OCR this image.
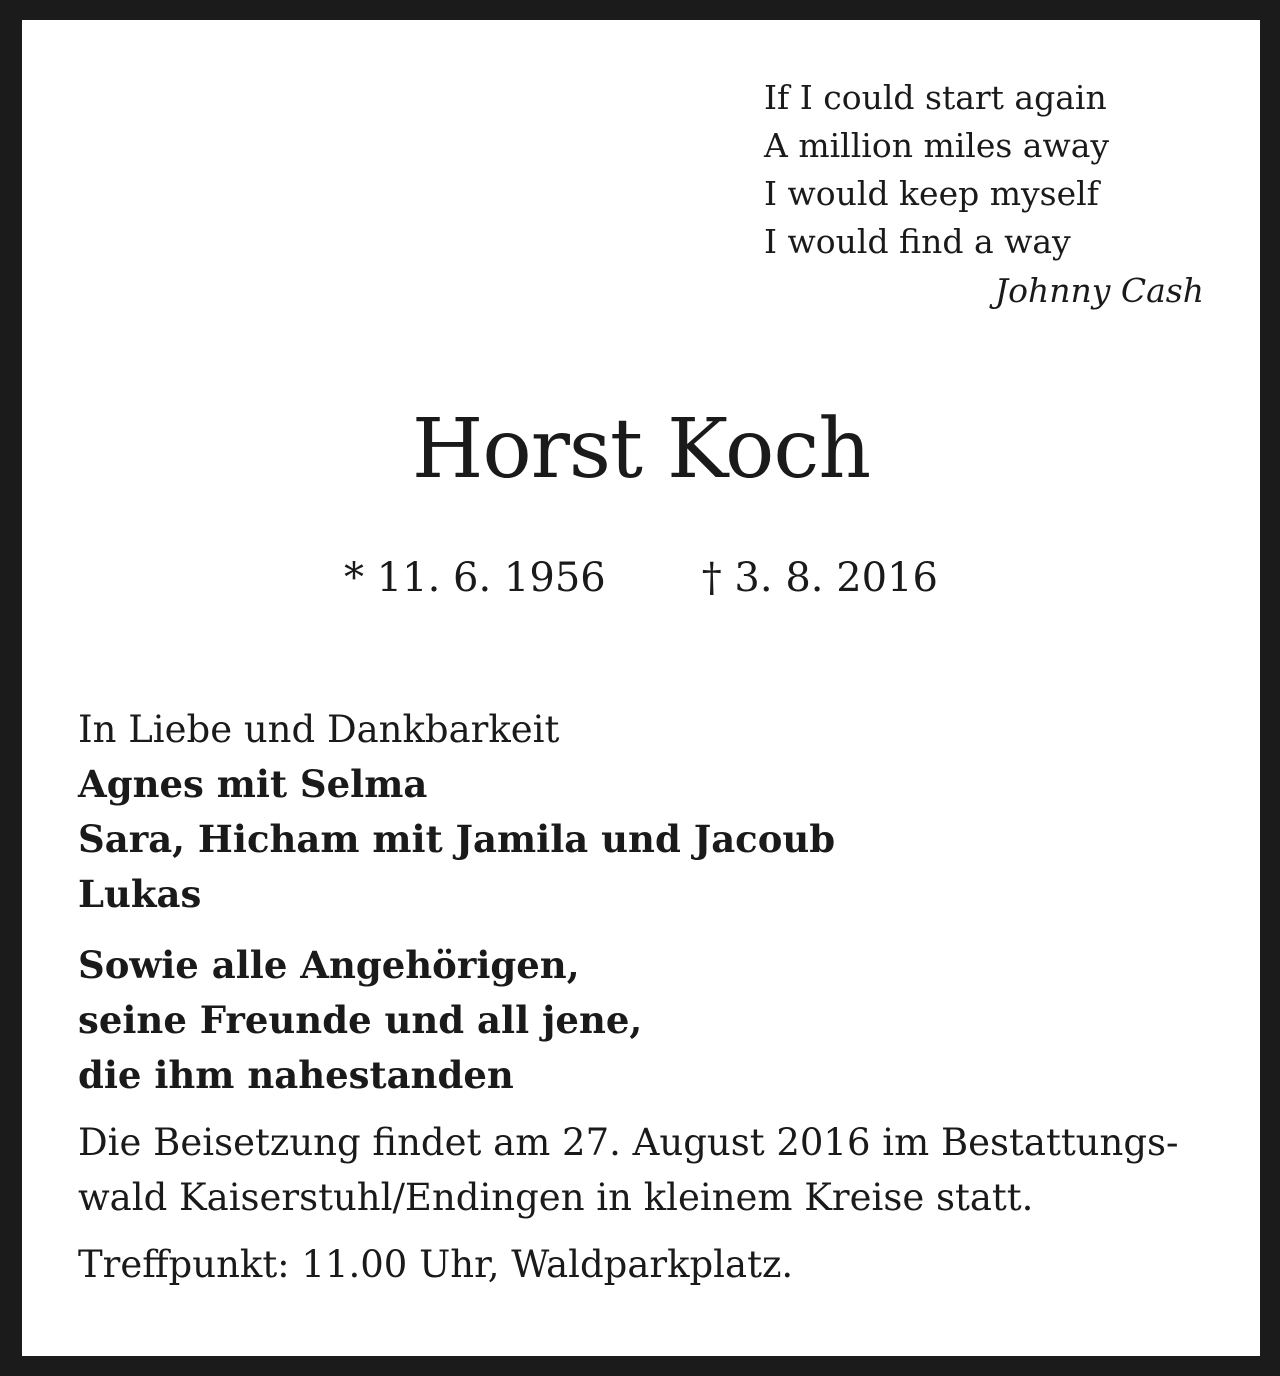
If I could start again
A million miles away
I would keep myself
I would find a way
Johnny Cash
Horst Koch
* 11. 6. 1956 † 3. 8. 2016
In Liebe und Dankbarkeit
Agnes mit Selma
Sara, Hicham mit Jamila und Jacoub
Lukas
Sowie alle Angehörigen,
seine Freunde und all jene,
die ihm nahestanden
Die Beisetzung findet am 27. August 2016 im Bestattungs-
wald Kaiserstuhl/Endingen in kleinem Kreise statt.
Treffpunkt: 11.00 Uhr, Waldparkplatz.
